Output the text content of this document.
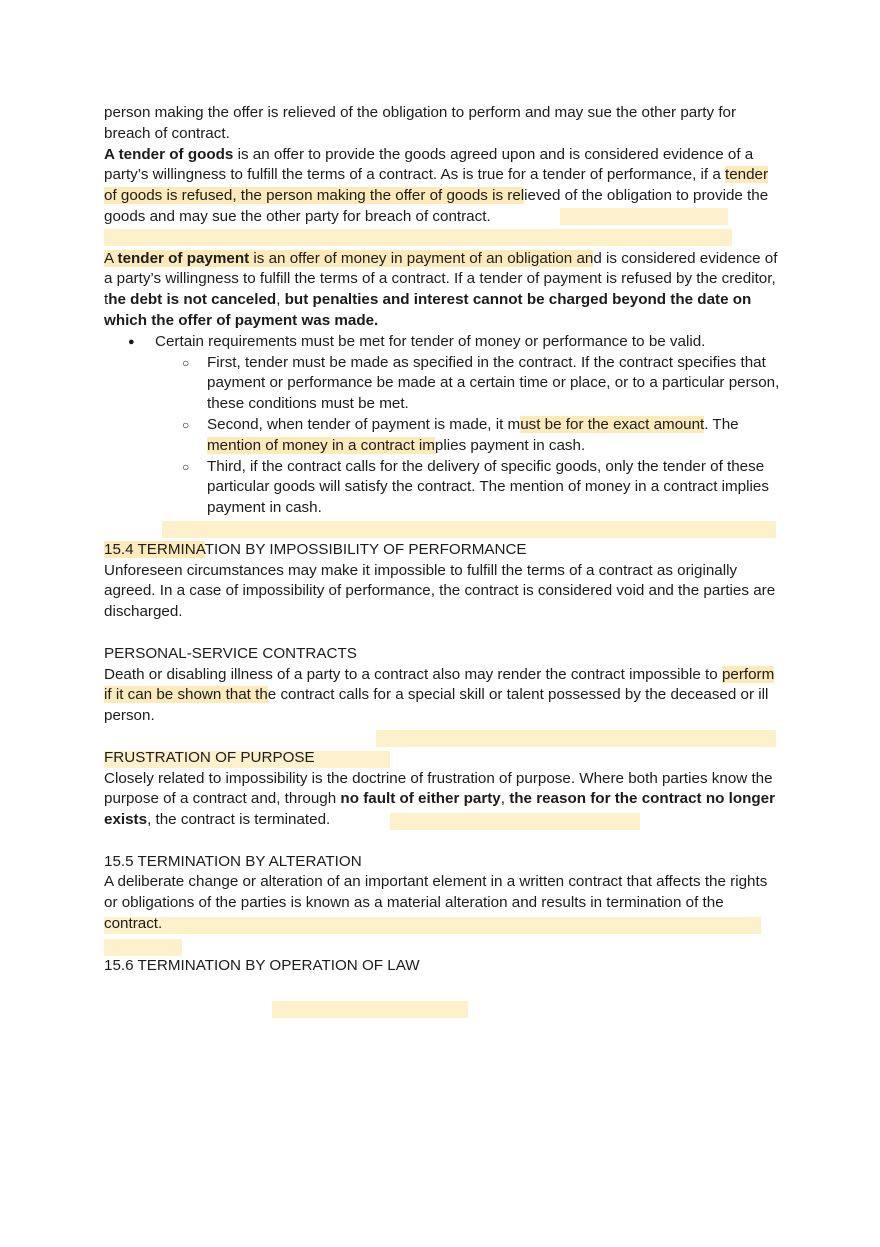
person making the offer is relieved of the obligation to perform and may sue the other party for breach of contract.

A tender of goods is an offer to provide the goods agreed upon and is considered evidence of a party’s willingness to fulfill the terms of a contract. As is true for a tender of performance, if a tender of goods is refused, the person making the offer of goods is relieved of the obligation to provide the goods and may sue the other party for breach of contract.

A tender of payment is an offer of money in payment of an obligation and is considered evidence of a party’s willingness to fulfill the terms of a contract. If a tender of payment is refused by the creditor, the debt is not canceled, but penalties and interest cannot be charged beyond the date on which the offer of payment was made.

● Certain requirements must be met for tender of money or performance to be valid.
○ First, tender must be made as specified in the contract. If the contract specifies that payment or performance be made at a certain time or place, or to a particular person, these conditions must be met.
○ Second, when tender of payment is made, it must be for the exact amount. The mention of money in a contract implies payment in cash.
○ Third, if the contract calls for the delivery of specific goods, only the tender of these particular goods will satisfy the contract. The mention of money in a contract implies payment in cash.

15.4 TERMINATION BY IMPOSSIBILITY OF PERFORMANCE

Unforeseen circumstances may make it impossible to fulfill the terms of a contract as originally agreed. In a case of impossibility of performance, the contract is considered void and the parties are discharged.

PERSONAL-SERVICE CONTRACTS

Death or disabling illness of a party to a contract also may render the contract impossible to perform if it can be shown that the contract calls for a special skill or talent possessed by the deceased or ill person.

FRUSTRATION OF PURPOSE

Closely related to impossibility is the doctrine of frustration of purpose. Where both parties know the purpose of a contract and, through no fault of either party, the reason for the contract no longer exists, the contract is terminated.

15.5 TERMINATION BY ALTERATION

A deliberate change or alteration of an important element in a written contract that affects the rights or obligations of the parties is known as a material alteration and results in termination of the contract.

15.6 TERMINATION BY OPERATION OF LAW
